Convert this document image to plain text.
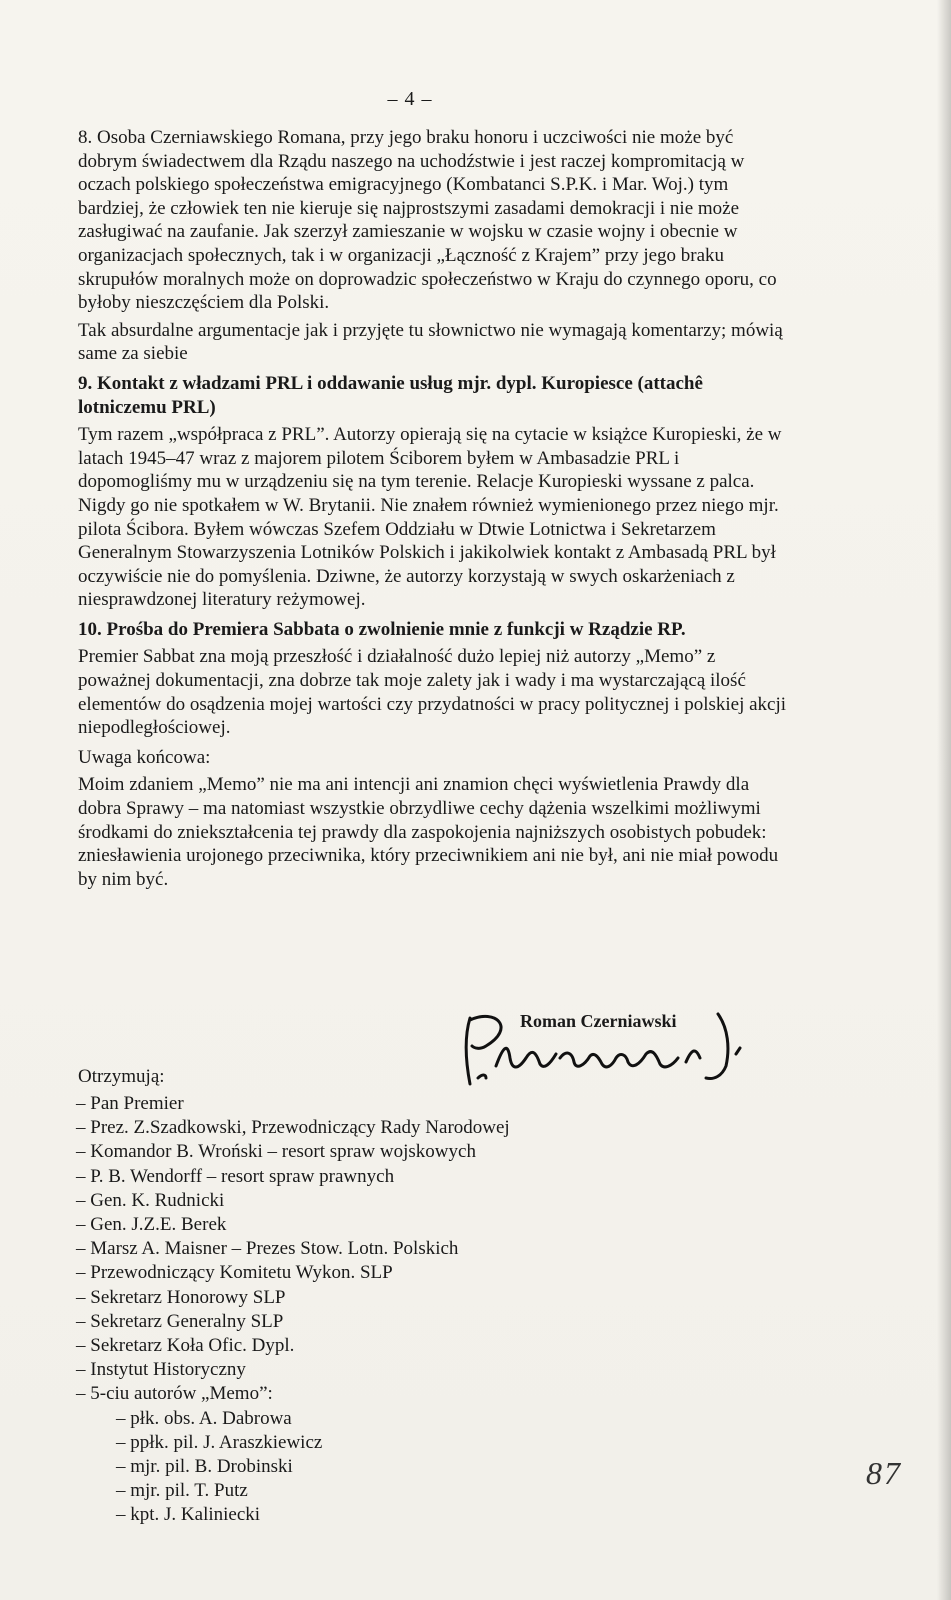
– 4 –

8. Osoba Czerniawskiego Romana, przy jego braku honoru i uczciwości nie może być dobrym świadectwem dla Rządu naszego na uchodźstwie i jest raczej kompromitacją w oczach polskiego społeczeństwa emigracyjnego (Kombatanci S.P.K. i Mar. Woj.) tym bardziej, że człowiek ten nie kieruje się najprostszymi zasadami demokracji i nie może zasługiwać na zaufanie. Jak szerzył zamieszanie w wojsku w czasie wojny i obecnie w organizacjach społecznych, tak i w organizacji „Łączność z Krajem” przy jego braku skrupułów moralnych może on doprowadzic społeczeństwo w Kraju do czynnego oporu, co byłoby nieszczęściem dla Polski.

Tak absurdalne argumentacje jak i przyjęte tu słownictwo nie wymagają komentarzy; mówią same za siebie

9. Kontakt z władzami PRL i oddawanie usług mjr. dypl. Kuropiesce (attachê lotniczemu PRL)

Tym razem „współpraca z PRL”. Autorzy opierają się na cytacie w książce Kuropieski, że w latach 1945–47 wraz z majorem pilotem Ściborem byłem w Ambasadzie PRL i dopomogliśmy mu w urządzeniu się na tym terenie. Relacje Kuropieski wyssane z palca. Nigdy go nie spotkałem w W. Brytanii. Nie znałem również wymienionego przez niego mjr. pilota Ścibora. Byłem wówczas Szefem Oddziału w Dtwie Lotnictwa i Sekretarzem Generalnym Stowarzyszenia Lotników Polskich i jakikolwiek kontakt z Ambasadą PRL był oczywiście nie do pomyślenia. Dziwne, że autorzy korzystają w swych oskarżeniach z niesprawdzonej literatury reżymowej.

10. Prośba do Premiera Sabbata o zwolnienie mnie z funkcji w Rządzie RP.

Premier Sabbat zna moją przeszłość i działalność dużo lepiej niż autorzy „Memo” z poważnej dokumentacji, zna dobrze tak moje zalety jak i wady i ma wystarczającą ilość elementów do osądzenia mojej wartości czy przydatności w pracy politycznej i polskiej akcji niepodległościowej.

Uwaga końcowa:

Moim zdaniem „Memo” nie ma ani intencji ani znamion chęci wyświetlenia Prawdy dla dobra Sprawy – ma natomiast wszystkie obrzydliwe cechy dążenia wszelkimi możliwymi środkami do zniekształcenia tej prawdy dla zaspokojenia najniższych osobistych pobudek: zniesławienia urojonego przeciwnika, który przeciwnikiem ani nie był, ani nie miał powodu by nim być.

Roman Czerniawski
Otrzymują:
– Pan Premier
– Prez. Z.Szadkowski, Przewodniczący Rady Narodowej
– Komandor B. Wroński – resort spraw wojskowych
– P. B. Wendorff – resort spraw prawnych
– Gen. K. Rudnicki
– Gen. J.Z.E. Berek
– Marsz A. Maisner – Prezes Stow. Lotn. Polskich
– Przewodniczący Komitetu Wykon. SLP
– Sekretarz Honorowy SLP
– Sekretarz Generalny SLP
– Sekretarz Koła Ofic. Dypl.
– Instytut Historyczny
– 5-ciu autorów „Memo”:
– płk. obs. A. Dabrowa
– ppłk. pil. J. Araszkiewicz
– mjr. pil. B. Drobinski
– mjr. pil. T. Putz
– kpt. J. Kaliniecki
87
